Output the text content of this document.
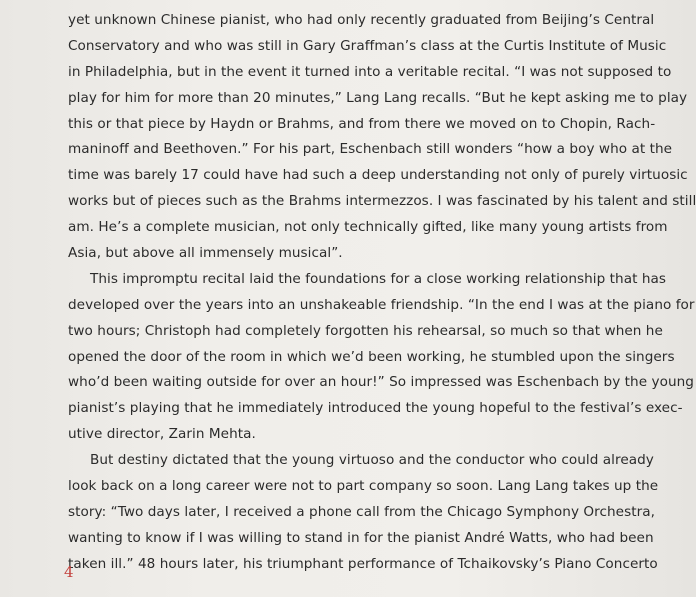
yet unknown Chinese pianist, who had only recently graduated from Beijing’s Central
Conservatory and who was still in Gary Graffman’s class at the Curtis Institute of Music
in Philadelphia, but in the event it turned into a veritable recital. “I was not supposed to
play for him for more than 20 minutes,” Lang Lang recalls. “But he kept asking me to play
this or that piece by Haydn or Brahms, and from there we moved on to Chopin, Rach-
maninoff and Beethoven.” For his part, Eschenbach still wonders “how a boy who at the
time was barely 17 could have had such a deep understanding not only of purely virtuosic
works but of pieces such as the Brahms intermezzos. I was fascinated by his talent and still
am. He’s a complete musician, not only technically gifted, like many young artists from
Asia, but above all immensely musical”.
This impromptu recital laid the foundations for a close working relationship that has
developed over the years into an unshakeable friendship. “In the end I was at the piano for
two hours; Christoph had completely forgotten his rehearsal, so much so that when he
opened the door of the room in which we’d been working, he stumbled upon the singers
who’d been waiting outside for over an hour!” So impressed was Eschenbach by the young
pianist’s playing that he immediately introduced the young hopeful to the festival’s exec-
utive director, Zarin Mehta.
But destiny dictated that the young virtuoso and the conductor who could already
look back on a long career were not to part company so soon. Lang Lang takes up the
story: “Two days later, I received a phone call from the Chicago Symphony Orchestra,
wanting to know if I was willing to stand in for the pianist André Watts, who had been
taken ill.” 48 hours later, his triumphant performance of Tchaikovsky’s Piano Concerto
4
